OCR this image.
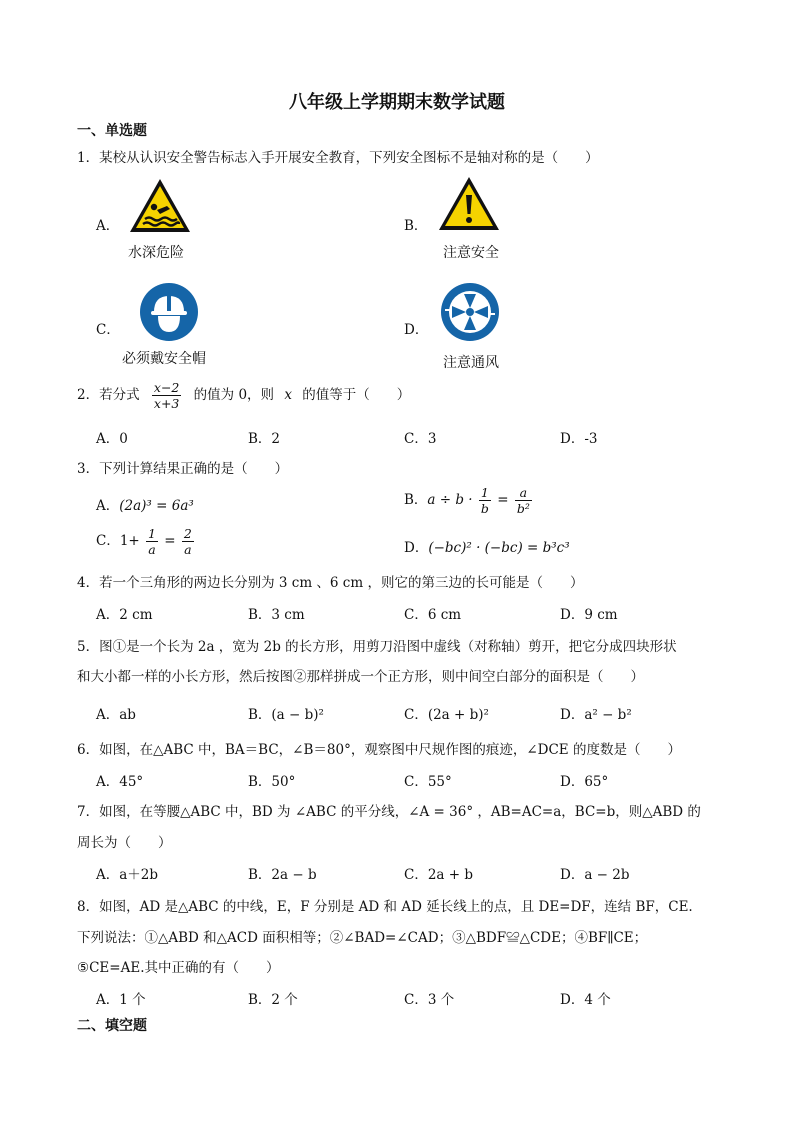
八年级上学期期末数学试题
一、单选题
1．某校从认识安全警告标志入手开展安全教育，下列安全图标不是轴对称的是（　　）
A．
水深危险
B．
注意安全
C．
必须戴安全帽
D．
注意通风
2．若分式 $\frac{x-2}{x+3}$ 的值为 0，则 x 的值等于（　　）
A．0	B．2	C．3	D．-3
3．下列计算结果正确的是（　　）
A．(2a)³ = 6a³	B．$a \div b \cdot \frac{1}{b} = \frac{a}{\text{b²}}$
C．$1+ \frac{1}{a} = \frac{2}{a}$	D．(−bc)² · (−bc) = b³c³
4．若一个三角形的两边长分别为 3 cm 、6 cm ，则它的第三边的长可能是（　　）
A．2 cm	B．3 cm	C．6 cm	D．9 cm
5．图①是一个长为 2a ，宽为 2b 的长方形，用剪刀沿图中虚线（对称轴）剪开，把它分成四块形状
和大小都一样的小长方形，然后按图②那样拼成一个正方形，则中间空白部分的面积是（　　）
A．ab	B．(a − b)²	C．(2a + b)²	D．a² − b²
6．如图，在△ABC 中，BA＝BC，∠B＝80°，观察图中尺规作图的痕迹，∠DCE 的度数是（　　）
A．45°	B．50°	C．55°	D．65°
7．如图，在等腰△ABC 中，BD 为 ∠ABC 的平分线，∠A = 36° ，AB=AC=a，BC=b，则△ABD 的
周长为（　　）
A．a＋2b	B．2a − b	C．2a + b	D．a − 2b
8．如图，AD 是△ABC 的中线，E，F 分别是 AD 和 AD 延长线上的点，且 DE=DF，连结 BF，CE.
下列说法：①△ABD 和△ACD 面积相等；②∠BAD=∠CAD；③△BDF≌△CDE；④BF∥CE；
⑤CE=AE.其中正确的有（　　）
A．1 个	B．2 个	C．3 个	D．4 个
二、填空题
